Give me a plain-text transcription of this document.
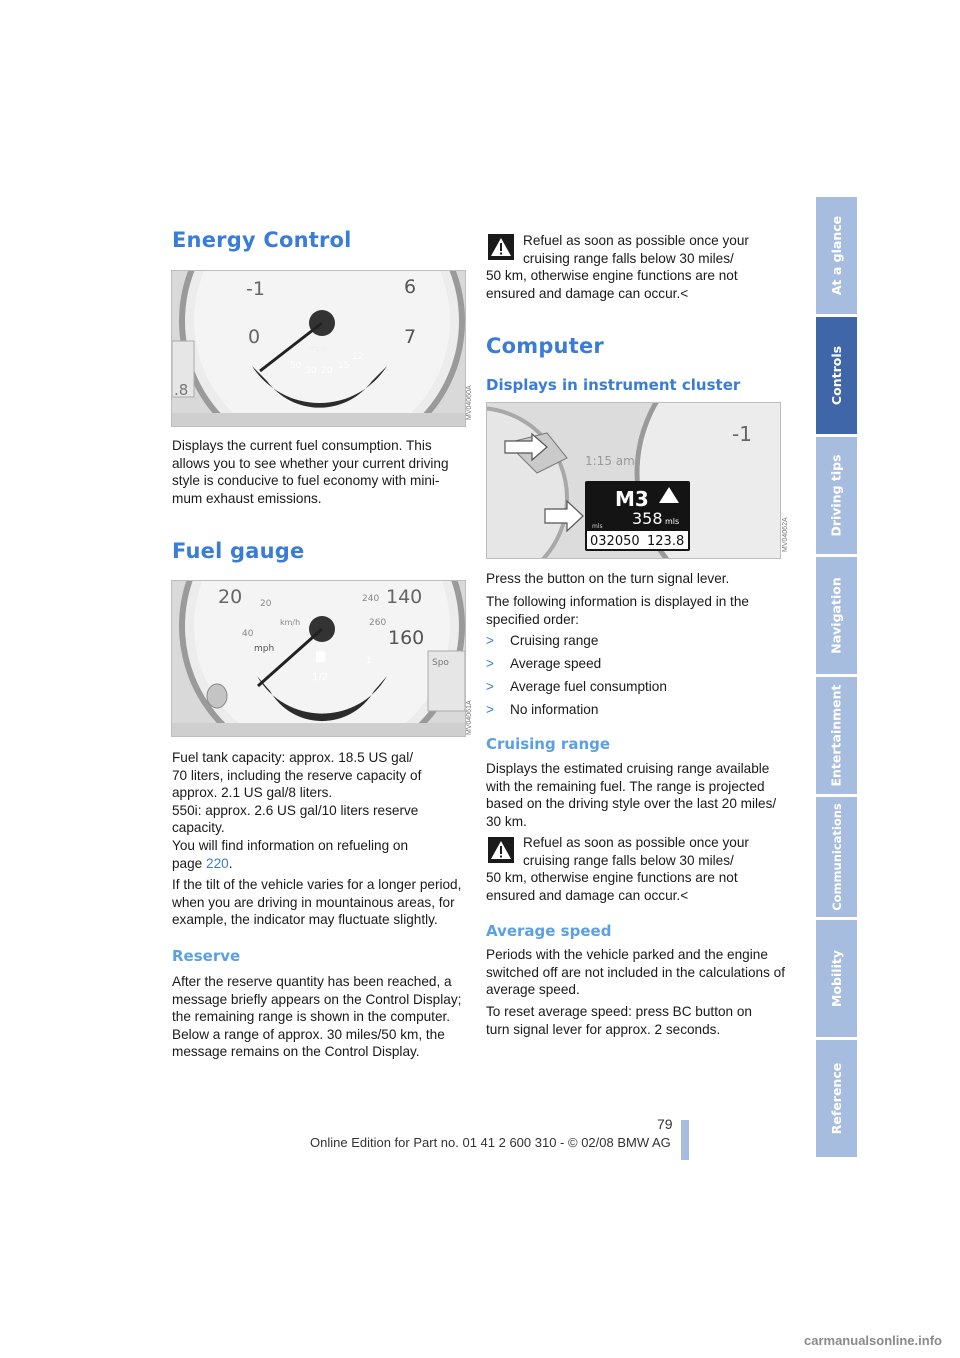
At a glance
Controls
Driving tips
Navigation
Entertainment
Communications
Mobility
Reference
Energy Control
-1
0
6
7
mpg
50 30 20 15
12
.8	MV04060A

Displays the current fuel consumption. This allows you to see whether your current driving style is conducive to fuel economy with mini-mum exhaust emissions.

Fuel gauge
20	140
20
40
240
260
160
km/h
mph
1
1/2
Spo
MV04061A

Fuel tank capacity: approx. 18.5 US gal/

70 liters, including the reserve capacity of

approx. 2.1 US gal/8 liters.

550i: approx. 2.6 US gal/10 liters reserve

capacity.

You will find information on refueling on

page 220.

If the tilt of the vehicle varies for a longer period, when you are driving in mountainous areas, for example, the indicator may fluctuate slightly.

Reserve

After the reserve quantity has been reached, a message briefly appears on the Control Display; the remaining range is shown in the computer. Below a range of approx. 30 miles/50 km, the message remains on the Control Display.

Refuel as soon as possible once your

cruising range falls below 30 miles/

50 km, otherwise engine functions are not

ensured and damage can occur.<

Computer
Displays in instrument cluster
M3
358 mls
mls
032050 123.8
1:15 am
-1
MV04062A

Press the button on the turn signal lever.

The following information is displayed in the specified order:

> Cruising range
> Average speed
> Average fuel consumption
> No information
Cruising range

Displays the estimated cruising range available with the remaining fuel. The range is projected based on the driving style over the last 20 miles/ 30 km.

Refuel as soon as possible once your

cruising range falls below 30 miles/

50 km, otherwise engine functions are not

ensured and damage can occur.<

Average speed

Periods with the vehicle parked and the engine switched off are not included in the calculations of average speed.

To reset average speed: press BC button on turn signal lever for approx. 2 seconds.

79
Online Edition for Part no. 01 41 2 600 310 - © 02/08 BMW AG
carmanualsonline.info
